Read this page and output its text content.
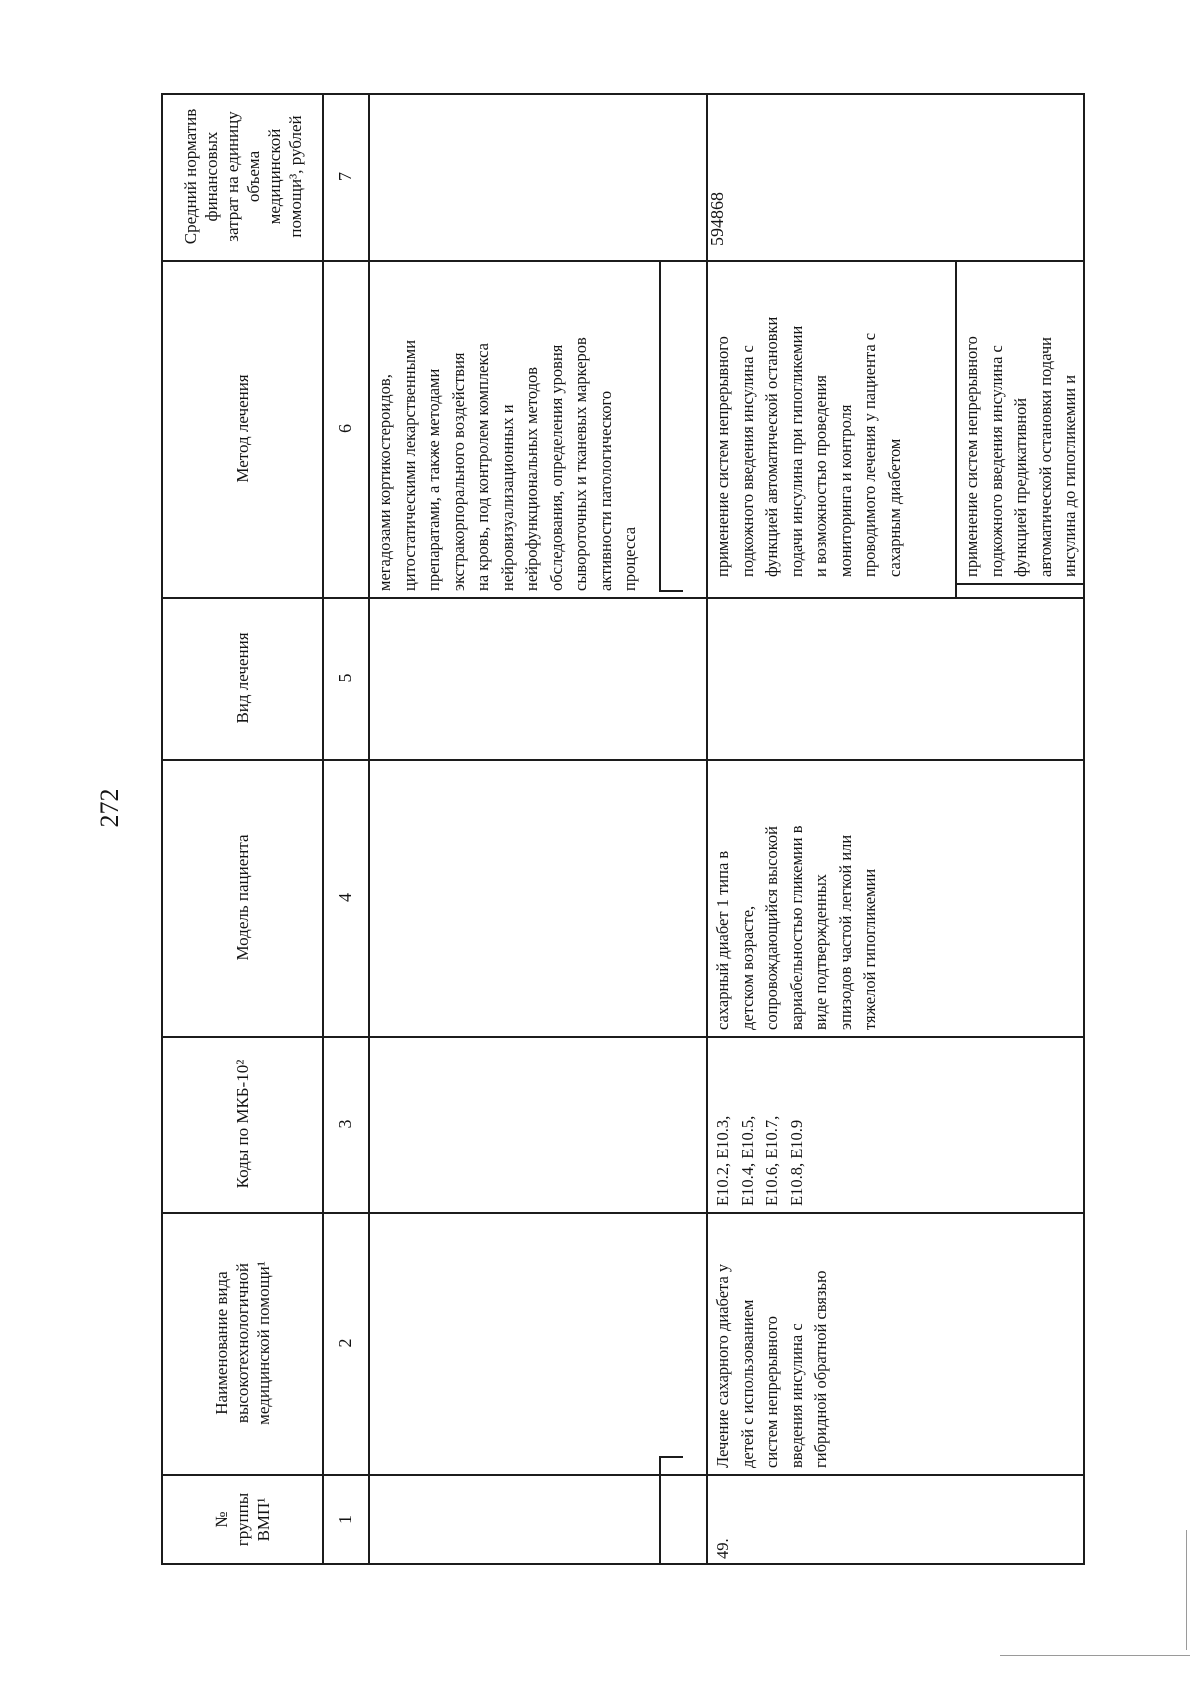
272
№
группы
ВМП¹
Наименование вида
высокотехнологичной
медицинской помощи¹
Коды по МКБ-10²
Модель пациента
Вид лечения
Метод лечения
Средний норматив
финансовых
затрат на единицу
объема
медицинской
помощи³, рублей
1
2
3
4
5
6
7
мегадозами кортикостероидов,
цитостатическими лекарственными
препаратами, а также методами
экстракорпорального воздействия
на кровь, под контролем комплекса
нейровизуализационных и
нейрофункциональных методов
обследования, определения уровня
сывороточных и тканевых маркеров
активности патологического
процесса
49.
Лечение сахарного диабета у
детей с использованием
систем непрерывного
введения инсулина с
гибридной обратной связью
E10.2, E10.3,
E10.4, E10.5,
E10.6, E10.7,
E10.8, E10.9
сахарный диабет 1 типа в
детском возрасте,
сопровождающийся высокой
вариабельностью гликемии в
виде подтвержденных
эпизодов частой легкой или
тяжелой гипогликемии
применение систем непрерывного
подкожного введения инсулина с
функцией автоматической остановки
подачи инсулина при гипогликемии
и возможностью проведения
мониторинга и контроля
проводимого лечения у пациента с
сахарным диабетом
применение систем непрерывного
подкожного введения инсулина с
функцией предикативной
автоматической остановки подачи
инсулина до гипогликемии и
594868
